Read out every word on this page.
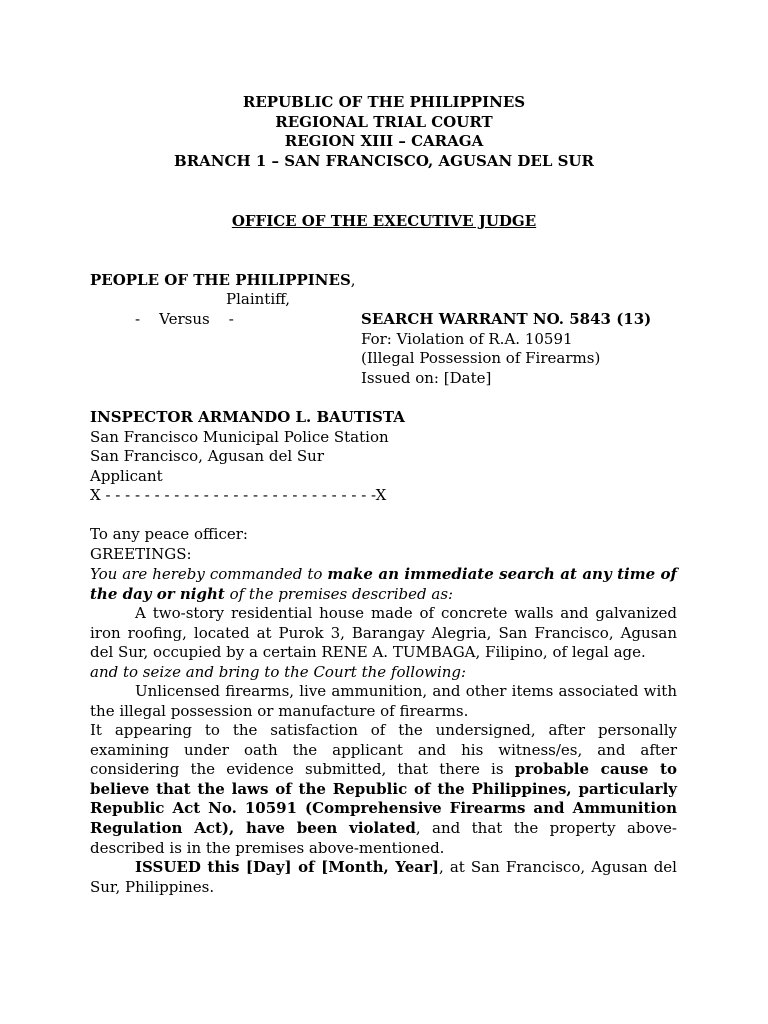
REPUBLIC OF THE PHILIPPINES
REGIONAL TRIAL COURT
REGION XIII – CARAGA
BRANCH 1 – SAN FRANCISCO, AGUSAN DEL SUR
OFFICE OF THE EXECUTIVE JUDGE
PEOPLE OF THE PHILIPPINES,
Plaintiff,
-    Versus    -	SEARCH WARRANT NO. 5843 (13)
For: Violation of R.A. 10591
(Illegal Possession of Firearms)
Issued on: [Date]
INSPECTOR ARMANDO L. BAUTISTA
San Francisco Municipal Police Station
San Francisco, Agusan del Sur
Applicant
X - - - - - - - - - - - - - - - - - - - - - - - - - - - -X
To any peace officer:
GREETINGS:

You are hereby commanded to make an immediate search at any time of the day or night of the premises described as:

A two-story residential house made of concrete walls and galvanized iron roofing, located at Purok 3, Barangay Alegria, San Francisco, Agusan del Sur, occupied by a certain RENE A. TUMBAGA, Filipino, of legal age.

and to seize and bring to the Court the following:

Unlicensed firearms, live ammunition, and other items associated with the illegal possession or manufacture of firearms.

It appearing to the satisfaction of the undersigned, after personally examining under oath the applicant and his witness/es, and after considering the evidence submitted, that there is probable cause to believe that the laws of the Republic of the Philippines, particularly Republic Act No. 10591 (Comprehensive Firearms and Ammunition Regulation Act), have been violated, and that the property above-described is in the premises above-mentioned.

ISSUED this [Day] of [Month, Year], at San Francisco, Agusan del Sur, Philippines.
